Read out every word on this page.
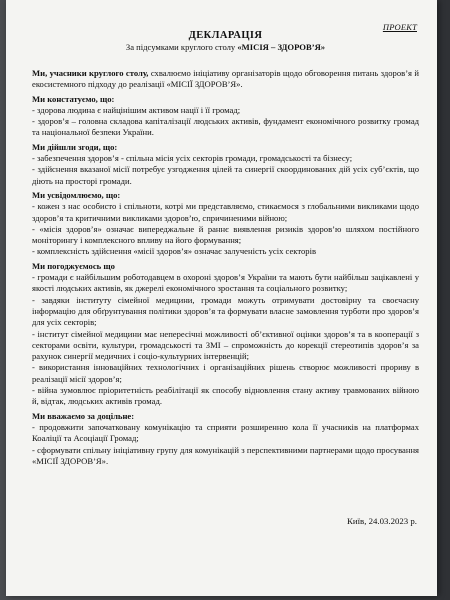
ПРОЕКТ
ДЕКЛАРАЦІЯ
За підсумками круглого столу «МІСІЯ – ЗДОРОВ’Я»
Ми, учасники круглого столу, схвалюємо ініціативу організаторів щодо обговорення питань здоров’я й екосистемного підходу до реалізації «МІСІЇ ЗДОРОВ’Я».
Ми констатуємо, що:
- здорова людина є найцінішим активом нації і її громад;
- здоров’я – головна складова капіталізації людських активів, фундамент економічного розвитку громад та національної безпеки України.
Ми дійшли згоди, що:
- забезпечення здоров’я - спільна місія усіх секторів громади, громадськості та бізнесу;
- здійснення вказаної місії потребує узгодження цілей та синергії скоординованих дій усіх суб’єктів, що діють на просторі громади.
Ми усвідомлюємо, що:
- кожен з нас особисто і спільноти, котрі ми представляємо, стикаємося з глобальними викликами щодо здоров’я та критичними викликами здоров’ю, спричиненими війною;
- «місія здоров’я» означає випереджальне й раннє виявлення ризиків здоров’ю шляхом постійного моніторингу і комплексного впливу на його формування;
- комплексність здійснення «місії здоров’я» означає залученість усіх секторів
Ми погоджуємось що
- громади є найбільшим роботодавцем в охороні здоров’я України та мають бути найбільш зацікавлені у якості людських активів, як джерелі економічного зростання та соціального розвитку;
- завдяки інституту сімейної медицини, громади можуть отримувати достовірну та своєчасну інформацію для обґрунтування політики здоров’я та формувати власне замовлення турботи про здоров’я для усіх секторів;
- інститут сімейної медицини має непересічні можливості об’єктивної оцінки здоров’я та в кооперації з секторами освіти, культури, громадськості та ЗМІ – спроможність до корекції стереотипів здоров’я за рахунок синергії медичних і соціо-культурних інтервенцій;
- використання інноваційних технологічних і організаційних рішень створює можливості прориву в реалізації місії здоров’я;
- війна зумовлює пріоритетність реабілітації як способу відновлення стану активу травмованих війною й, відтак, людських активів громад.
Ми вважаємо за доцільне:
- продовжити започатковану комунікацію та сприяти розширенню кола її учасників на платформах Коаліції та Асоціації Громад;
- сформувати спільну ініціативну групу для комунікацій з перспективними партнерами щодо просування «МІСІЇ ЗДОРОВ’Я».
Київ, 24.03.2023 р.
